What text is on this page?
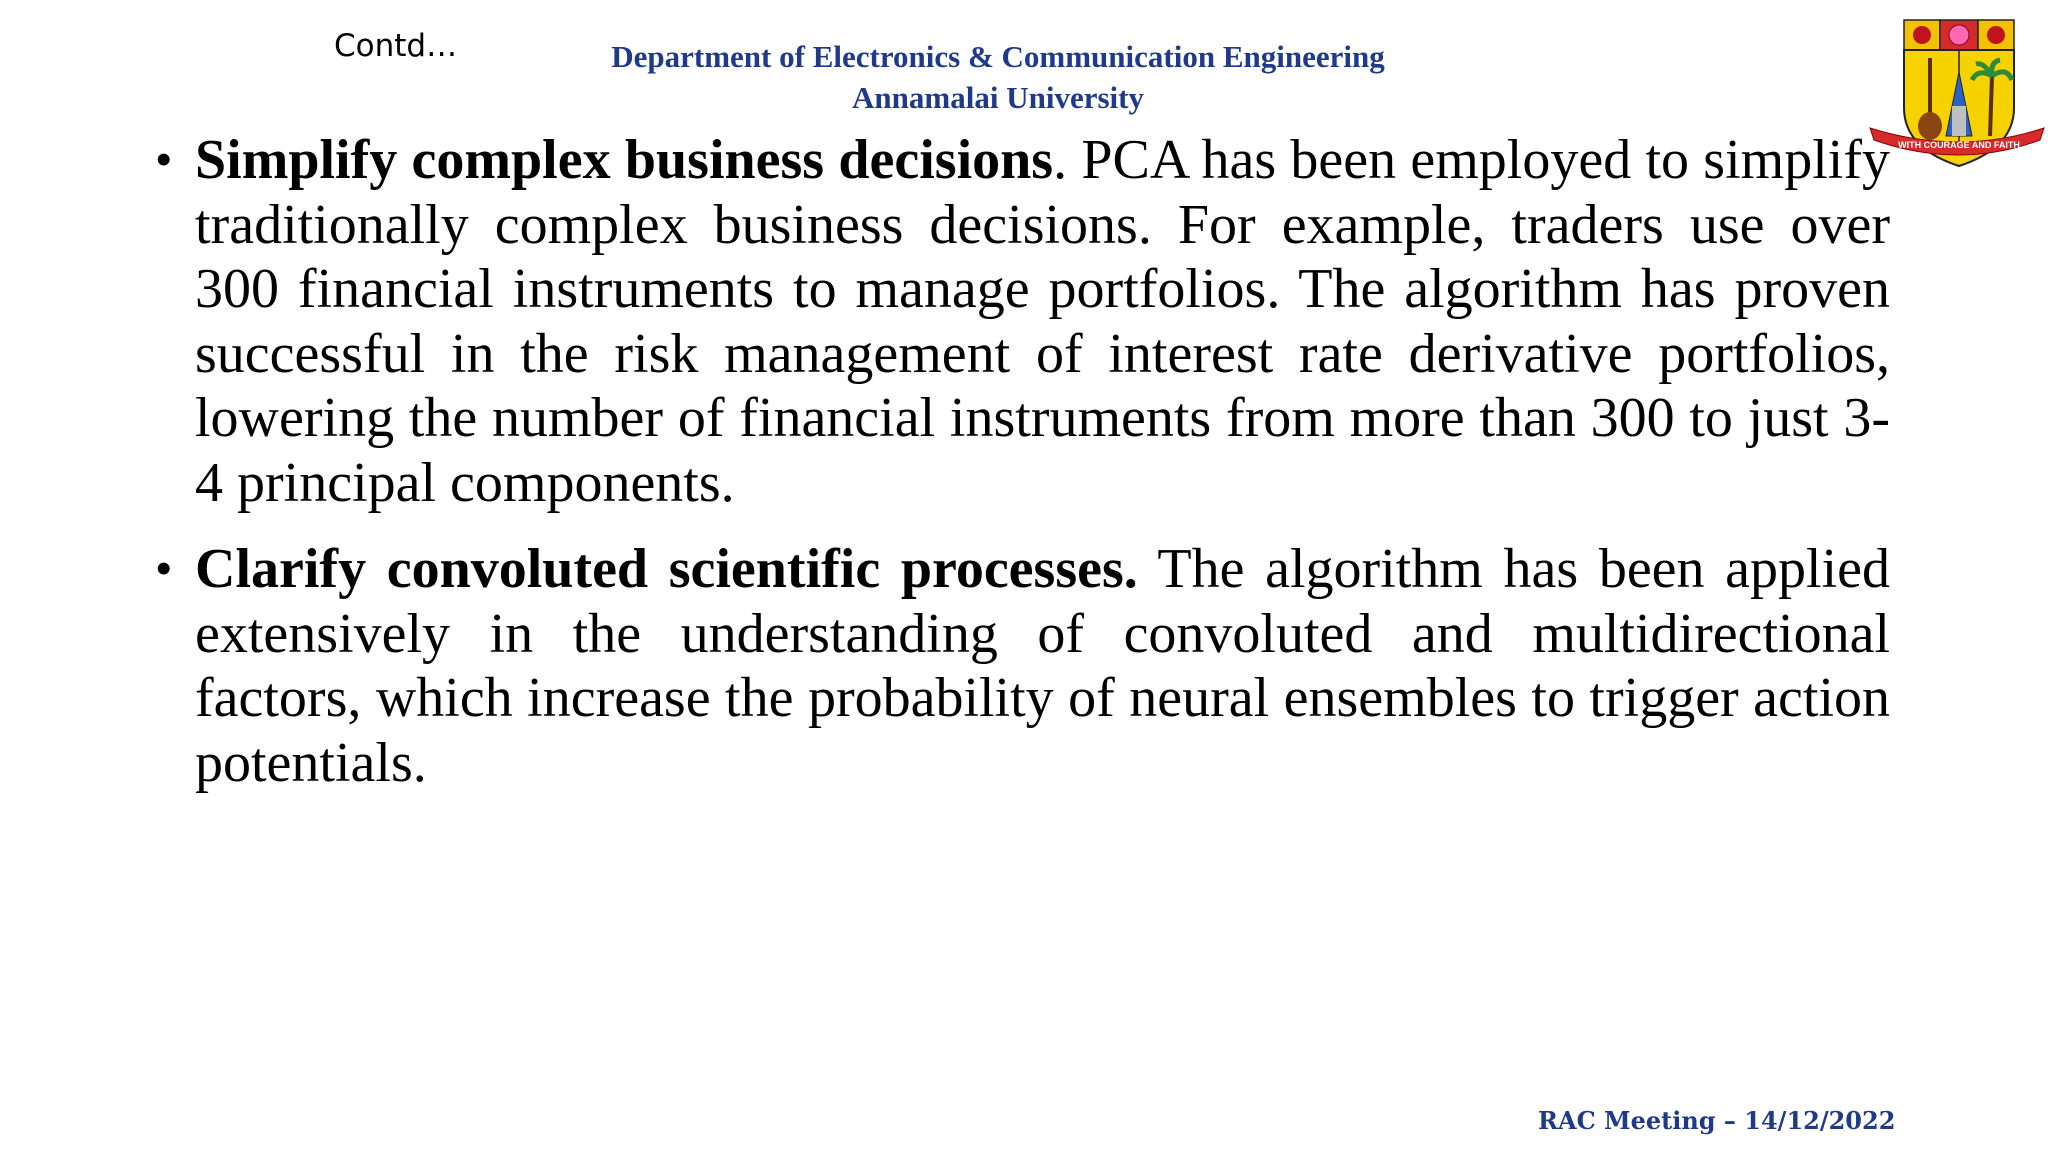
Contd…	Department of Electronics & Communication Engineering
Annamalai University
WITH COURAGE AND FAITH
• Simplify complex business decisions. PCA has been employed to simplify traditionally complex business decisions. For example, traders use over 300 financial instruments to manage portfolios. The algorithm has proven successful in the risk management of interest rate derivative portfolios, lowering the number of financial instruments from more than 300 to just 3-4 principal components.

• Clarify convoluted scientific processes. The algorithm has been applied extensively in the understanding of convoluted and multidirectional factors, which increase the probability of neural ensembles to trigger action potentials.

RAC Meeting – 14/12/2022
